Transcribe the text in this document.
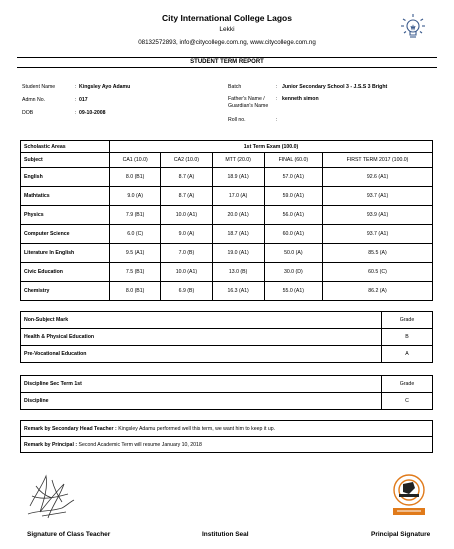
City International College Lagos
Lekki
08132572893, info@citycollege.com.ng, www.citycollege.com.ng
STUDENT TERM REPORT
Student Name	: Kingsley Ayo Adamu
Admn No.	: 017
DOB	: 09-10-2008
Batch	: Junior Secondary School 3 - J.S.S 3 Bright
Father's Name /
Guardian's Name
: kenneth simon
Roll no.	:
Scholastic Areas	1st Term Exam (100.0)				
Subject	CA1 (10.0)	CA2 (10.0)	MTT (20.0)	FINAL (60.0)	FIRST TERM 2017 (100.0)
English	8.0 (B1)	8.7 (A)	18.9 (A1)	57.0 (A1)	92.6 (A1)
Mathtatics	9.0 (A)	8.7 (A)	17.0 (A)	59.0 (A1)	93.7 (A1)
Physics	7.9 (B1)	10.0 (A1)	20.0 (A1)	56.0 (A1)	93.9 (A1)
Computer Science	6.0 (C)	9.0 (A)	18.7 (A1)	60.0 (A1)	93.7 (A1)
Literature In English	9.5 (A1)	7.0 (B)	19.0 (A1)	50.0 (A)	85.5 (A)
Civic Education	7.5 (B1)	10.0 (A1)	13.0 (B)	30.0 (D)	60.5 (C)
Chemistry	8.0 (B1)	6.9 (B)	16.3 (A1)	55.0 (A1)	86.2 (A)
Non-Subject Mark	Grade
Health & Physical Education	B
Pre-Vocational Education	A
Discipline Sec Term 1st	Grade
Discipline	C
Remark by Secondary Head Teacher : Kingsley Adamu performed well this term, we want him to keep it up.
Remark by Principal : Second Academic Term will resume January 10, 2018
Signature of Class Teacher	Institution Seal	Principal Signature
